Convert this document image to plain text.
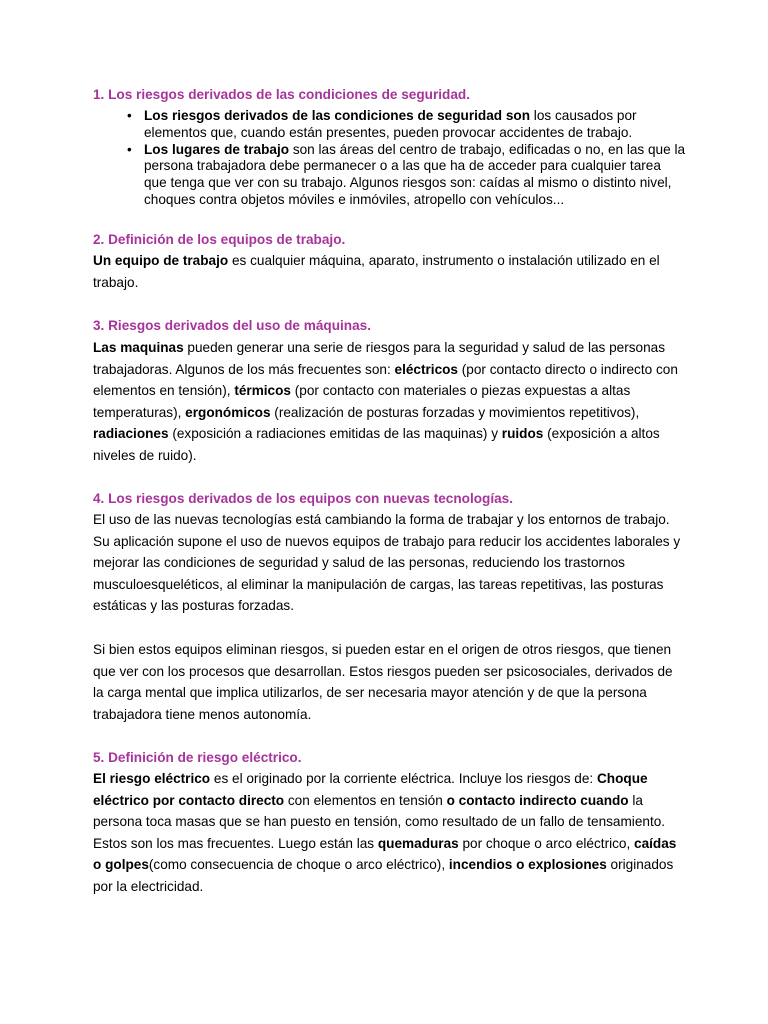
1. Los riesgos derivados de las condiciones de seguridad.
• Los riesgos derivados de las condiciones de seguridad son los causados por elementos que, cuando están presentes, pueden provocar accidentes de trabajo.
• Los lugares de trabajo son las áreas del centro de trabajo, edificadas o no, en las que la persona trabajadora debe permanecer o a las que ha de acceder para cualquier tarea que tenga que ver con su trabajo. Algunos riesgos son: caídas al mismo o distinto nivel, choques contra objetos móviles e inmóviles, atropello con vehículos...
2. Definición de los equipos de trabajo.

Un equipo de trabajo es cualquier máquina, aparato, instrumento o instalación utilizado en el trabajo.

3. Riesgos derivados del uso de máquinas.

Las maquinas pueden generar una serie de riesgos para la seguridad y salud de las personas trabajadoras. Algunos de los más frecuentes son: eléctricos (por contacto directo o indirecto con elementos en tensión), térmicos (por contacto con materiales o piezas expuestas a altas temperaturas), ergonómicos (realización de posturas forzadas y movimientos repetitivos), radiaciones (exposición a radiaciones emitidas de las maquinas) y ruidos (exposición a altos niveles de ruido).

4. Los riesgos derivados de los equipos con nuevas tecnologías.

El uso de las nuevas tecnologías está cambiando la forma de trabajar y los entornos de trabajo. Su aplicación supone el uso de nuevos equipos de trabajo para reducir los accidentes laborales y mejorar las condiciones de seguridad y salud de las personas, reduciendo los trastornos musculoesqueléticos, al eliminar la manipulación de cargas, las tareas repetitivas, las posturas estáticas y las posturas forzadas.

Si bien estos equipos eliminan riesgos, si pueden estar en el origen de otros riesgos, que tienen que ver con los procesos que desarrollan. Estos riesgos pueden ser psicosociales, derivados de la carga mental que implica utilizarlos, de ser necesaria mayor atención y de que la persona trabajadora tiene menos autonomía.

5. Definición de riesgo eléctrico.

El riesgo eléctrico es el originado por la corriente eléctrica. Incluye los riesgos de: Choque eléctrico por contacto directo con elementos en tensión o contacto indirecto cuando la persona toca masas que se han puesto en tensión, como resultado de un fallo de tensamiento. Estos son los mas frecuentes. Luego están las quemaduras por choque o arco eléctrico, caídas o golpes(como consecuencia de choque o arco eléctrico), incendios o explosiones originados por la electricidad.
